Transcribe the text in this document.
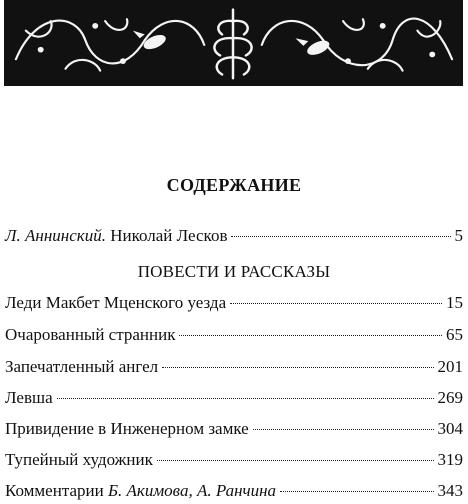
СОДЕРЖАНИЕ
Л. Аннинский. Николай Лесков	5
ПОВЕСТИ И РАССКАЗЫ
Леди Макбет Мценского уезда	15
Очарованный странник	65
Запечатленный ангел	201
Левша	269
Привидение в Инженерном замке	304
Тупейный художник	319
Комментарии Б. Акимова, А. Ранчина	343
